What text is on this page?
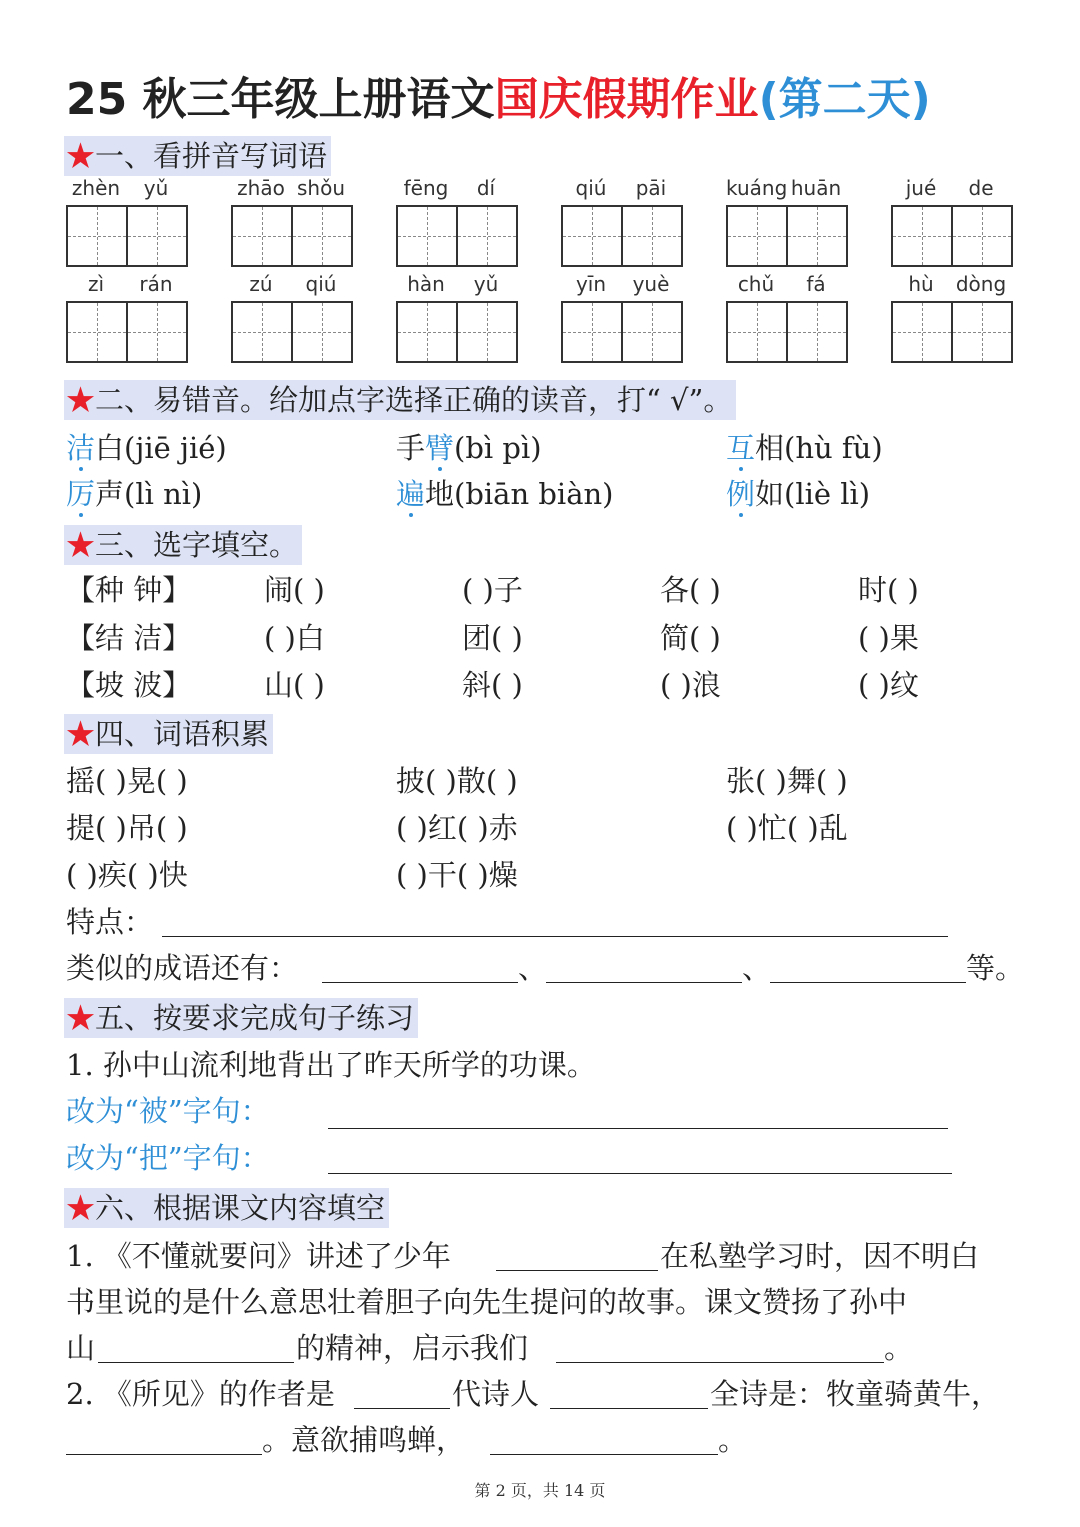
25 秋三年级上册语文国庆假期作业(第二天)
★一、看拼音写词语
zhèn	yǔ	zhāo shǒu	fēng	dí	qiú	pāi	kuáng huān	jué	de
zì	rán	zú	qiú	hàn	yǔ	yīn	yuè	chǔ	fá	hù	dòng
★二、易错音。给加点字选择正确的读音，打“ √”。
洁白(jiē jié)	手臂(bì pì)	互相(hù fù)
厉声(lì nì)	遍地(biān biàn)	例如(liè lì)
★三、选字填空。
【种 钟】	闹( )	( )子	各( )	时( )
【结 洁】	( )白	团( )	简( )	( )果
【坡 波】	山( )	斜( )	( )浪	( )纹
★四、词语积累
摇( )晃( )	披( )散( )	张( )舞( )
提( )吊( )	( )红( )赤	( )忙( )乱
( )疾( )快	( )干( )燥
特点：
类似的成语还有：	、	、	等。
★五、按要求完成句子练习
1. 孙中山流利地背出了昨天所学的功课。
改为“被”字句：
改为“把”字句：
★六、根据课文内容填空
1. 《不懂就要问》讲述了少年	在私塾学习时，因不明白
书里说的是什么意思壮着胆子向先生提问的故事。课文赞扬了孙中
山	的精神，启示我们	。
2. 《所见》的作者是	代诗人	全诗是：牧童骑黄牛，
。意欲捕鸣蝉，	。
第 2 页，共 14 页
